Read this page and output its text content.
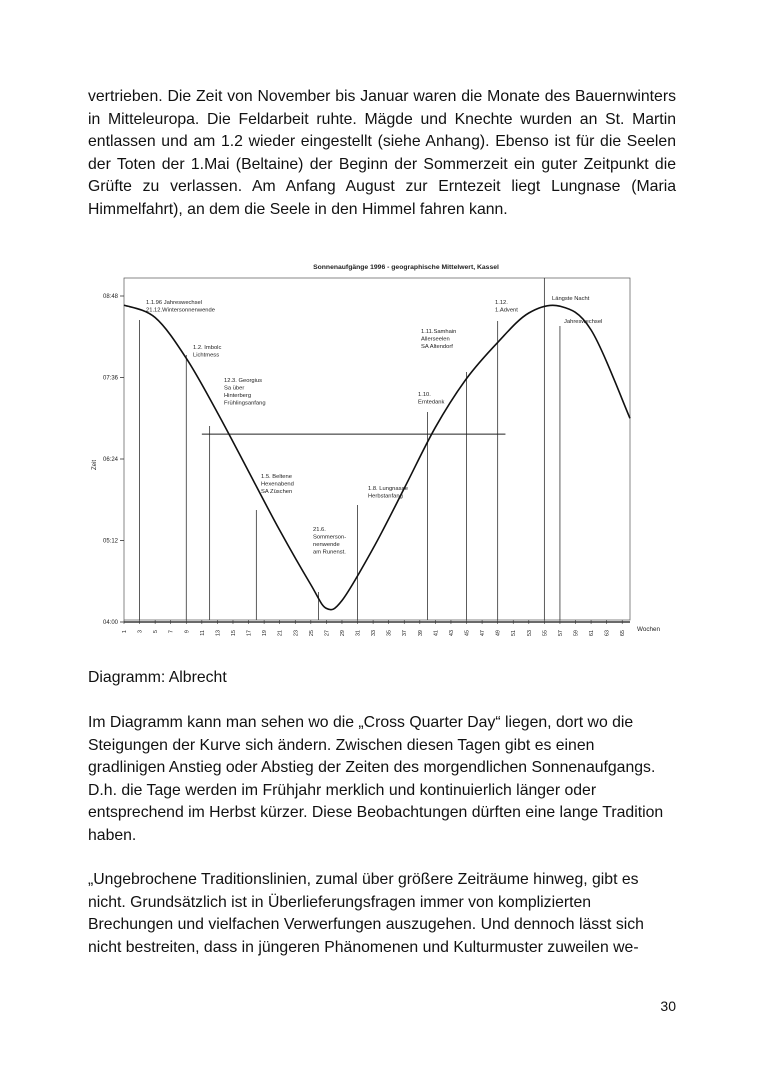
vertrieben. Die Zeit von November bis Januar waren die Monate des Bauernwinters in Mitteleuropa. Die Feldarbeit ruhte. Mägde und Knechte wurden an St. Martin entlassen und am 1.2 wieder eingestellt (siehe Anhang). Ebenso ist für die Seelen der Toten der 1.Mai (Beltaine) der Beginn der Sommerzeit ein guter Zeitpunkt die Grüfte zu verlassen. Am Anfang August zur Erntezeit liegt Lungnase (Maria Himmelfahrt), an dem die Seele in den Himmel fahren kann.

Sonnenaufgänge 1996 - geographische Mittelwert, Kassel
Zeit
Wochen
08:48
07:36
06:24
05:12
04:00
1 3 5 7 9 11 13 15 17 19 21 23 25 27 29 31 33 35 37 39 41 43 45 47 49 51 53 55 57 59 61 63 65
1.1.96 Jahreswechsel 21.12.Wintersonnenwende
1.2. Imbolc Lichtmess
12.3. Georgius Sa über Hinterberg Frühlingsanfang
1.5. Beltene Hexenabend SA Züschen
21.6. Sommerson-nenwende am Runenst.
1.8. Lungnasae Herbstanfang
1.10. Erntedank
1.11.Samhain Allerseelen SA Altendorf
1.12. 1.Advent
Längste Nacht
Jahreswechsel

Diagramm: Albrecht

Im Diagramm kann man sehen wo die „Cross Quarter Day“ liegen, dort wo die Steigungen der Kurve sich ändern. Zwischen diesen Tagen gibt es einen gradlinigen Anstieg oder Abstieg der Zeiten des morgendlichen Sonnenaufgangs. D.h. die Tage werden im Frühjahr merklich und kontinuierlich länger oder entsprechend im Herbst kürzer. Diese Beobachtungen dürften eine lange Tradition haben.

„Ungebrochene Traditionslinien, zumal über größere Zeiträume hinweg, gibt es nicht. Grundsätzlich ist in Überlieferungsfragen immer von komplizierten Brechungen und vielfachen Verwerfungen auszugehen. Und dennoch lässt sich nicht bestreiten, dass in jüngeren Phänomenen und Kulturmuster zuweilen we-

30
